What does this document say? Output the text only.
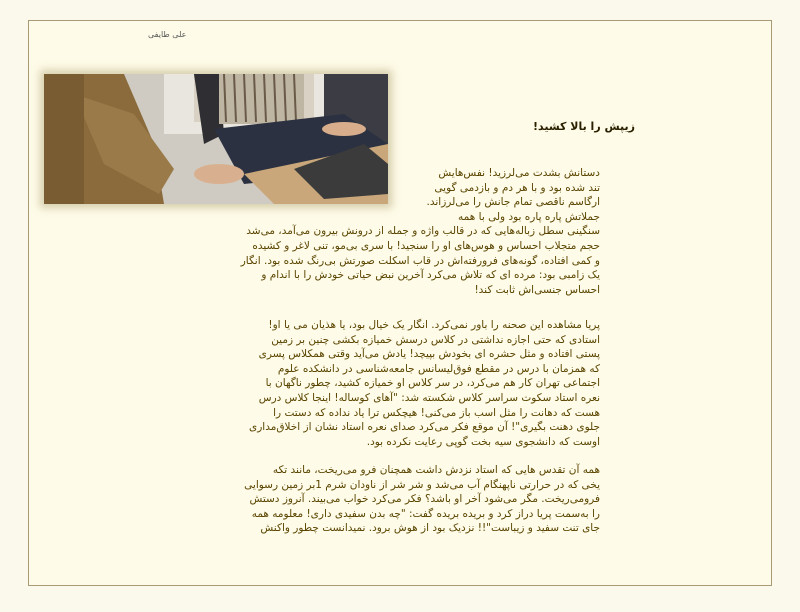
علی طایفی
زیپش را بالا کشید!
دستانش بشدت می‌لرزید! نفس‌هایش
تند شده بود و با هر دم و بازدمی گویی
ارگاسم ناقصی تمام جانش را می‌لرزاند.
جملاتش پاره پاره بود ولی با همه
سنگینی سطل زباله‌هایی که در قالب واژه و جمله از درونش بیرون می‌آمد، می‌شد
حجم متجلاب احساس و هوس‌های او را سنجید! با سری بی‌مو، تنی لاغر و کشیده
و کمی افتاده، گونه‌های فرورفته‌اش در قاب اسکلت صورتش بی‌رنگ شده بود. انگار
یک زامبی بود: مرده ای که تلاش می‌کرد آخرین نبض حیاتی خودش را با اندام و
احساس جنسی‌اش ثابت کند!
پریا مشاهده این صحنه را باور نمی‌کرد. انگار یک خیال بود، یا هذیان می یا او!
استادی که حتی اجازه نداشتی در کلاس درسش خمیازه بکشی چنین بر زمین
پستی افتاده و مثل حشره ای بخودش بپیچد! یادش می‌آید وقتی همکلاس پسری
که همزمان با درس در مقطع فوق‌لیسانس جامعه‌شناسی در دانشکده علوم
اجتماعی تهران کار هم می‌کرد، در سر کلاس او خمیازه کشید، چطور ناگهان با
نعره استاد سکوت سراسر کلاس شکسته شد: "آهای کوساله! اینجا کلاس درس
هست که دهانت را مثل اسب باز می‌کنی! هیچکس ترا یاد نداده که دستت را
جلوی دهنت بگیری"! آن موقع فکر می‌کرد صدای نعره استاد نشان از اخلاق‌مداری
اوست که دانشجوی سیه بخت گوپی رعایت نکرده بود.
همه آن تقدس هایی که استاد نزدش داشت همچنان فرو می‌ریخت، مانند تکه
یخی که در حرارتی ناپهنگام آب می‌شد و شر شر از ناودان شرم 1بر زمین رسوایی
فرومی‌ریخت. مگر می‌شود آخر او باشد؟ فکر می‌کرد خواب می‌بیند. آنروز دستش
را به‌سمت پریا دراز کرد و بریده بریده گفت: "چه بدن سفیدی داری! معلومه همه
جای تنت سفید و زیباست"!! نزدیک بود از هوش برود. نمیدانست چطور واکنش
